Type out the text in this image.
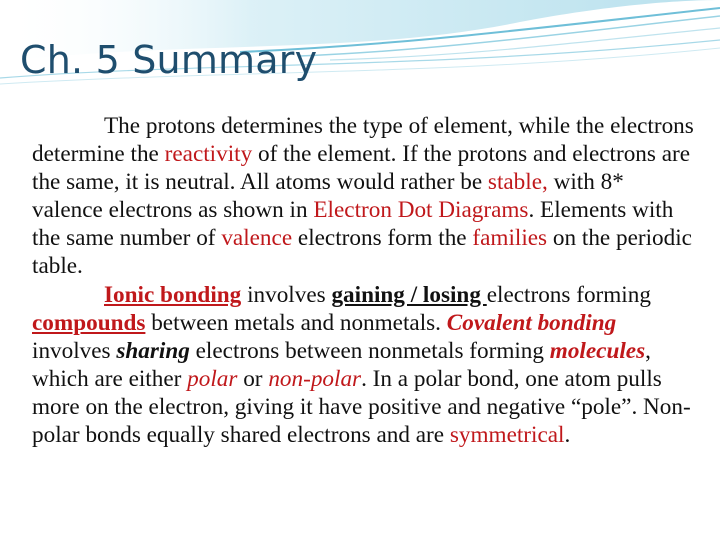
Ch. 5 Summary

The protons determines the type of element, while the electrons determine the reactivity of the element. If the protons and electrons are the same, it is neutral. All atoms would rather be stable, with 8* valence electrons as shown in Electron Dot Diagrams. Elements with the same number of valence electrons form the families on the periodic table.

Ionic bonding involves gaining / losing electrons forming compounds between metals and nonmetals. Covalent bonding involves sharing electrons between nonmetals forming molecules, which are either polar or non-polar. In a polar bond, one atom pulls more on the electron, giving it have positive and negative “pole”. Non-polar bonds equally shared electrons and are symmetrical.
